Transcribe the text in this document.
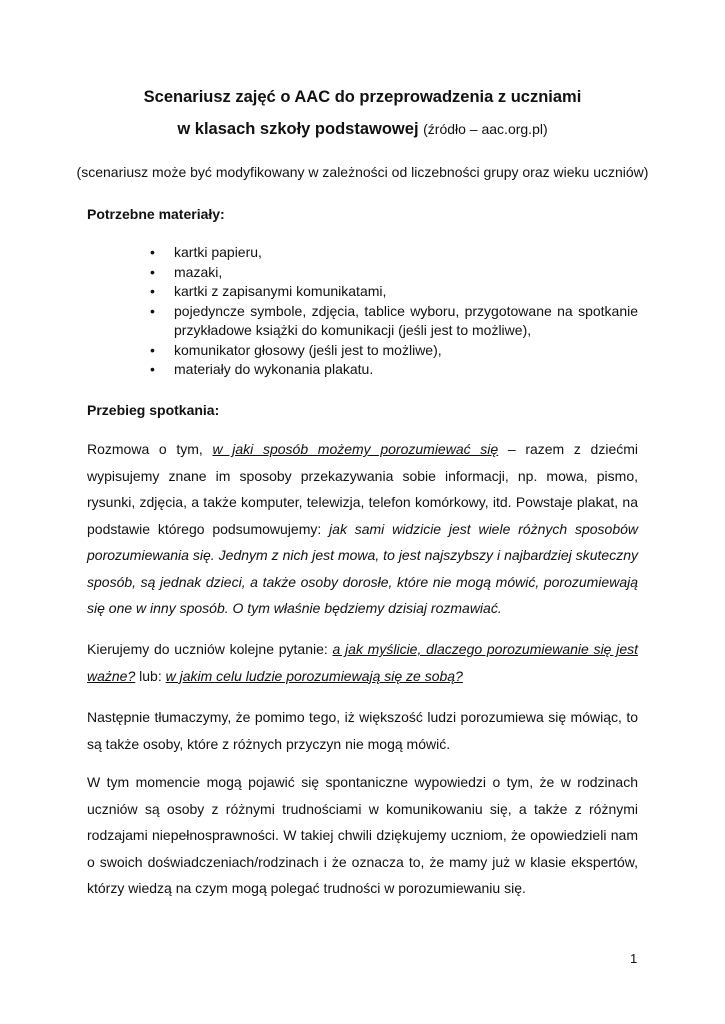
Scenariusz zajęć o AAC do przeprowadzenia z uczniami
w klasach szkoły podstawowej (źródło – aac.org.pl)
(scenariusz może być modyfikowany w zależności od liczebności grupy oraz wieku uczniów)
Potrzebne materiały:
• kartki papieru,
• mazaki,
• kartki z zapisanymi komunikatami,
• pojedyncze symbole, zdjęcia, tablice wyboru, przygotowane na spotkanie przykładowe książki do komunikacji (jeśli jest to możliwe),
• komunikator głosowy (jeśli jest to możliwe),
• materiały do wykonania plakatu.
Przebieg spotkania:

Rozmowa o tym, w jaki sposób możemy porozumiewać się – razem z dziećmi wypisujemy znane im sposoby przekazywania sobie informacji, np. mowa, pismo, rysunki, zdjęcia, a także komputer, telewizja, telefon komórkowy, itd. Powstaje plakat, na podstawie którego podsumowujemy: jak sami widzicie jest wiele różnych sposobów porozumiewania się. Jednym z nich jest mowa, to jest najszybszy i najbardziej skuteczny sposób, są jednak dzieci, a także osoby dorosłe, które nie mogą mówić, porozumiewają się one w inny sposób. O tym właśnie będziemy dzisiaj rozmawiać.

Kierujemy do uczniów kolejne pytanie: a jak myślicie, dlaczego porozumiewanie się jest ważne? lub: w jakim celu ludzie porozumiewają się ze sobą?

Następnie tłumaczymy, że pomimo tego, iż większość ludzi porozumiewa się mówiąc, to są także osoby, które z różnych przyczyn nie mogą mówić.

W tym momencie mogą pojawić się spontaniczne wypowiedzi o tym, że w rodzinach uczniów są osoby z różnymi trudnościami w komunikowaniu się, a także z różnymi rodzajami niepełnosprawności. W takiej chwili dziękujemy uczniom, że opowiedzieli nam o swoich doświadczeniach/rodzinach i że oznacza to, że mamy już w klasie ekspertów, którzy wiedzą na czym mogą polegać trudności w porozumiewaniu się.

1
